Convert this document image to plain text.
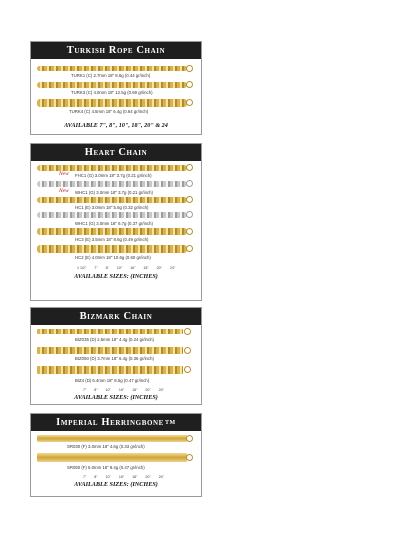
Turkish Rope Chain
TURK1 (C) 2.7mm 18" 8.6g (0.44 gr/inch)
TURK3 (C) 4.0mm 18" 12.5g (0.69 gr/inch)
TURK4 (C) 4.5mm 18" 6.4g (0.64 gr/inch)
AVAILABLE 7", 8", 10", 18", 20" & 24
Heart Chain
New FHC1 (G) 3.0mm 18" 3.7g (0.21 gr/inch)
New WHC1 (G) 3.0mm 18" 3.7g (0.21 gr/inch)
HC1 (E) 3.0mm 18" 5.6g (0.32 gr/inch)
WHC1 (G) 3.0mm 18" 6.7g (0.37 gr/inch)
HC3 (E) 3.5mm 18" 8.6g (0.49 gr/inch)
HC2 (E) 4.0mm 18" 10.6g (0.60 gr/inch)
1 1/2" 7" 8" 10" 16" 18" 20" 24"
AVAILABLE SIZES: (INCHES)
Bizmark Chain
BIZ035 (D) 2.5mm 18" 4.4g (0.24 gr/inch)
BIZ050 (D) 3.7mm 18" 6.4g (0.36 gr/inch)
BIZ4 (D) 6.4mm 18" 8.5g (0.47 gr/inch)
7" 8" 10" 16" 18" 20" 24"
AVAILABLE SIZES: (INCHES)
Imperial Herringbone TM
SR030 (F) 3.0mm 18" 4.6g (0.33 gr/inch)
SR050 (F) 5.0mm 18" 8.4g (0.47 gr/inch)
7" 8" 10" 16" 18" 20" 24"
AVAILABLE SIZES: (INCHES)
